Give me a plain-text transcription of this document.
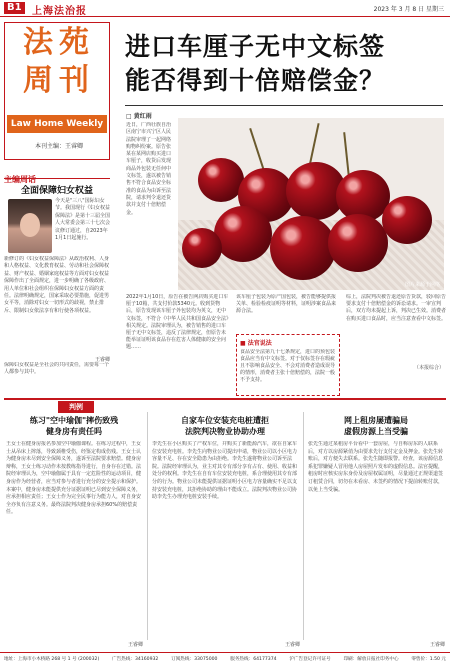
B1	上海法治报	2023 年 3 月 8 日 星期三
法苑
周刊
Law Home Weekly
本刊主编：王睿卿
主编周话
全面保障妇女权益
今天是"三八"国际妇女节。我国现行《妇女权益保障法》是第十三届全国人大常委会第三十七次会议修订通过，自2023年1月1日起施行。
新修订的《妇女权益保障法》从政治权利、人身和人格权益、文化教育权益、劳动和社会保障权益、财产权益、婚姻家庭权益等方面对妇女权益保障作出了全面规定，进一步明确了各级政府、用人单位和社会组织在保障妇女权益方面的责任。法律明确规定，国家采取必要措施，促进男女平等，消除对妇女一切形式的歧视，禁止排斥、限制妇女依法享有和行使各项权益。
王睿卿
保障妇女权益是全社会的共同责任，需要每一个人都参与其中。
进口车厘子无中文标签
能否得到十倍赔偿金？
□ 黄红雨
近日，广西壮族自治区南宁市兴宁区人民法院审理了一起网络购物纠纷案。原告张某在某网店购买进口车厘子，收货后发现商品外包装无任何中文标签，遂以被告销售不符合食品安全标准的食品为由诉至法院，请求判令退还货款并支付十倍赔偿金。
图片来源于网络
2022年1月10日，原告在被告网店购买进口车厘子10箱，共支付价款5340元。收到货物后，原告发现该车厘子外包装均为英文，无中文标签，不符合《中华人民共和国食品安全法》相关规定。法院审理认为，被告销售的进口车厘子无中文标签，违反了法律规定，但原告未能举证证明该食品存在危害人体健康的安全问题……
该车厘子包装为原产国包装，被告能够提供报关单、检验检疫证明等材料，证明涉案食品来源合法。
综上，法院判决被告退还原告货款，驳回原告要求支付十倍赔偿金的诉讼请求。一审宣判后，双方均未提起上诉，判决已生效。消费者在购买进口食品时，应当注意查看中文标签。
■ 法官说法
食品安全法第九十七条规定，进口的预包装食品应当有中文标签。对于仅标签存在瑕疵且不影响食品安全、不会对消费者造成误导的情形，消费者主张十倍赔偿的，法院一般不予支持。
（本报综合）
判例
练习"空中瑜伽"摔伤致残
健身房有责任吗
王女士在健身房报名参加空中瑜伽课程。在练习过程中，王女士从吊床上摔落，导致颈椎受伤，经鉴定构成伤残。王女士认为健身房未尽到安全保障义务，遂诉至法院要求赔偿。健身房辩称，王女士练习动作未按教练指导进行，自身存在过错。法院经审理认为，空中瑜伽属于具有一定危险性的运动项目，健身房作为经营者，应当对参与者进行充分的安全提示和保护。本案中，健身房未能提供充分证据证明已尽到安全保障义务，应承担相应责任；王女士作为完全民事行为能力人，对自身安全亦负有注意义务。最终法院判决健身房承担60%的赔偿责任。
王睿卿
自家车位安装充电桩遭拒
法院判决物业协助办理
李先生在小区购买了产权车位，并购买了新能源汽车，欲在自家车位安装充电桩。李先生向物业公司提出申请，物业公司以小区电力容量不足、存在安全隐患为由拒绝。李先生遂将物业公司诉至法院。法院经审理认为，业主对其专有部分享有占有、使用、收益和处分的权利。李先生在自有车位安装充电桩，系合理使用其专有部分的行为。物业公司未能提供证据证明小区电力容量确实不足以支持安装充电桩，其拒绝协助的理由不能成立。法院判决物业公司协助李先生办理充电桩安装手续。
王睿卿
网上租房屡遭骗局
虚假房源上当受骗
张先生通过某租房平台看中一套房屋，与自称房东的人联系后，对方以房源紧俏为由要求先行支付定金及押金。张先生转账后，对方便失去联系。张先生随即报警。经查，该房源信息系犯罪嫌疑人冒用他人房屋照片发布的虚假信息。法官提醒，租房时应核实房东身份及房屋权属证明，尽量通过正规渠道签订租赁合同，切勿在未看房、未签约的情况下提前转账付款，以免上当受骗。
王睿卿
地址：上海市小木桥路 268 号 1 号 (200032)	广告热线：34160932	订阅热线：33075000	服务热线：64177374	沪广告登记许可证号	印刷：解放日报社印务中心	零售价：1.50 元
